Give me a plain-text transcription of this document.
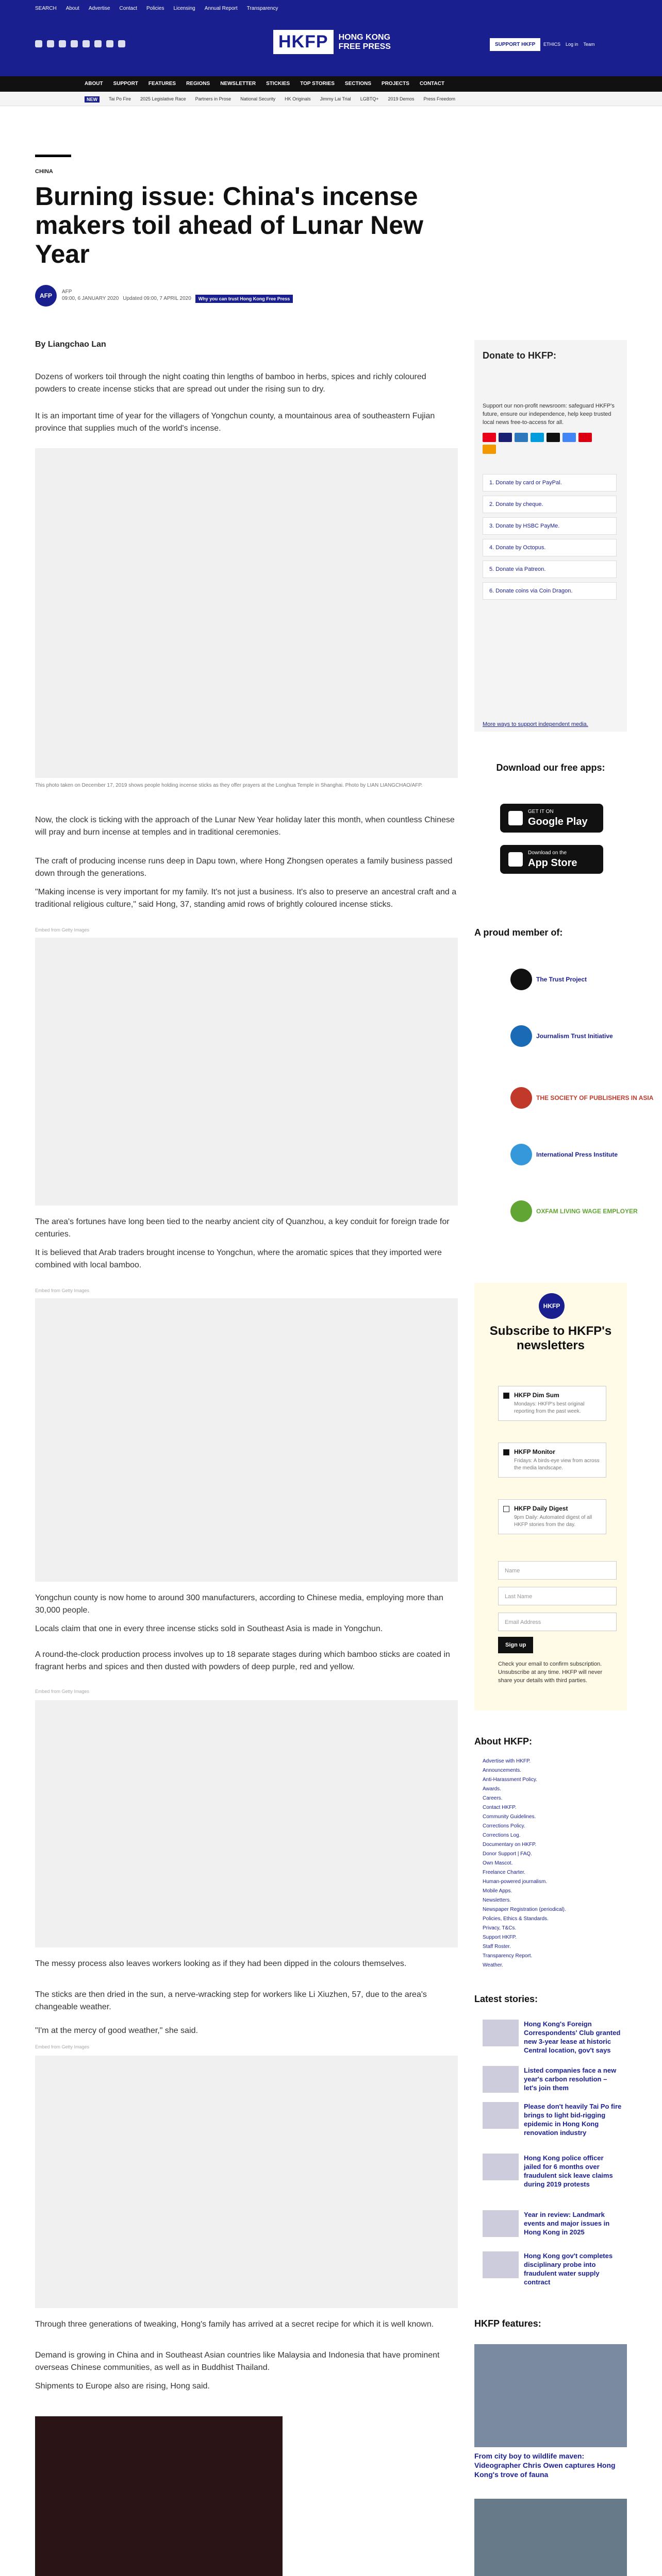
SEARCH About Advertise Contact Policies Licensing Annual Report Transparency
HKFP	HONG KONG FREE PRESS	SUPPORT HKFP	ETHICS Log in Team
ABOUT SUPPORT FEATURES REGIONS NEWSLETTER STICKIES TOP STORIES SECTIONS PROJECTS CONTACT
NEW	Tai Po Fire 2025 Legislative Race Partners in Prose National Security HK Originals Jimmy Lai Trial LGBTQ+ 2019 Demos Press Freedom
CHINA
Burning issue: China's incense makers toil ahead of Lunar New Year
AFP
AFP
09:00, 6 JANUARY 2020 Updated 09:00, 7 APRIL 2020	Why you can trust Hong Kong Free Press
By Liangchao Lan
Dozens of workers toil through the night coating thin lengths of bamboo in herbs, spices and richly coloured powders to create incense sticks that are spread out under the rising sun to dry.
It is an important time of year for the villagers of Yongchun county, a mountainous area of southeastern Fujian province that supplies much of the world's incense.
This photo taken on December 17, 2019 shows people holding incense sticks as they offer prayers at the Longhua Temple in Shanghai. Photo by LIAN LIANGCHAO/AFP.
Now, the clock is ticking with the approach of the Lunar New Year holiday later this month, when countless Chinese will pray and burn incense at temples and in traditional ceremonies.
The craft of producing incense runs deep in Dapu town, where Hong Zhongsen operates a family business passed down through the generations.
"Making incense is very important for my family. It's not just a business. It's also to preserve an ancestral craft and a traditional religious culture," said Hong, 37, standing amid rows of brightly coloured incense sticks.
Embed from Getty Images
The area's fortunes have long been tied to the nearby ancient city of Quanzhou, a key conduit for foreign trade for centuries.
It is believed that Arab traders brought incense to Yongchun, where the aromatic spices that they imported were combined with local bamboo.
Embed from Getty Images
Yongchun county is now home to around 300 manufacturers, according to Chinese media, employing more than 30,000 people.
Locals claim that one in every three incense sticks sold in Southeast Asia is made in Yongchun.
A round-the-clock production process involves up to 18 separate stages during which bamboo sticks are coated in fragrant herbs and spices and then dusted with powders of deep purple, red and yellow.
Embed from Getty Images
The messy process also leaves workers looking as if they had been dipped in the colours themselves.
The sticks are then dried in the sun, a nerve-wracking step for workers like Li Xiuzhen, 57, due to the area's changeable weather.
"I'm at the mercy of good weather," she said.
Embed from Getty Images
Through three generations of tweaking, Hong's family has arrived at a secret recipe for which it is well known.
Demand is growing in China and in Southeast Asian countries like Malaysia and Indonesia that have prominent overseas Chinese communities, as well as in Buddhist Thailand.
Shipments to Europe also are rising, Hong said.
Donate to HKFP:
Support our non-profit newsroom: safeguard HKFP's future, ensure our independence, help keep trusted local news free-to-access for all.
1. Donate by card or PayPal.
2. Donate by cheque.
3. Donate by HSBC PayMe.
4. Donate by Octopus.
5. Donate via Patreon.
6. Donate coins via Coin Dragon.
More ways to support independent media.
Download our free apps:
GET IT ON
Google Play
Download on the
App Store
A proud member of:
The Trust Project
Journalism Trust Initiative
THE SOCIETY OF PUBLISHERS IN ASIA
International Press Institute
OXFAM LIVING WAGE EMPLOYER
HKFP
Subscribe to HKFP's newsletters
HKFP Dim Sum
Mondays: HKFP's best original reporting from the past week.
HKFP Monitor
Fridays: A birds-eye view from across the media landscape.
HKFP Daily Digest
9pm Daily: Automated digest of all HKFP stories from the day.
Name
Last Name
Email Address
Sign up
Check your email to confirm subscription. Unsubscribe at any time. HKFP will never share your details with third parties.
About HKFP:
Advertise with HKFP.
Announcements.
Anti-Harassment Policy.
Awards.
Careers.
Contact HKFP.
Community Guidelines.
Corrections Policy.
Corrections Log.
Documentary on HKFP.
Donor Support | FAQ.
Own Mascot.
Freelance Charter.
Human-powered journalism.
Mobile Apps.
Newsletters.
Newspaper Registration (periodical).
Policies, Ethics & Standards.
Privacy, T&Cs.
Support HKFP.
Staff Roster.
Transparency Report.
Weather.
Latest stories:
Hong Kong's Foreign Correspondents' Club granted new 3-year lease at historic Central location, gov't says
Listed companies face a new year's carbon resolution – let's join them
Please don't heavily Tai Po fire brings to light bid-rigging epidemic in Hong Kong renovation industry
Hong Kong police officer jailed for 6 months over fraudulent sick leave claims during 2019 protests
Year in review: Landmark events and major issues in Hong Kong in 2025
Hong Kong gov't completes disciplinary probe into fraudulent water supply contract
HKFP features:
From city boy to wildlife maven: Videographer Chris Owen captures Hong Kong's trove of fauna
